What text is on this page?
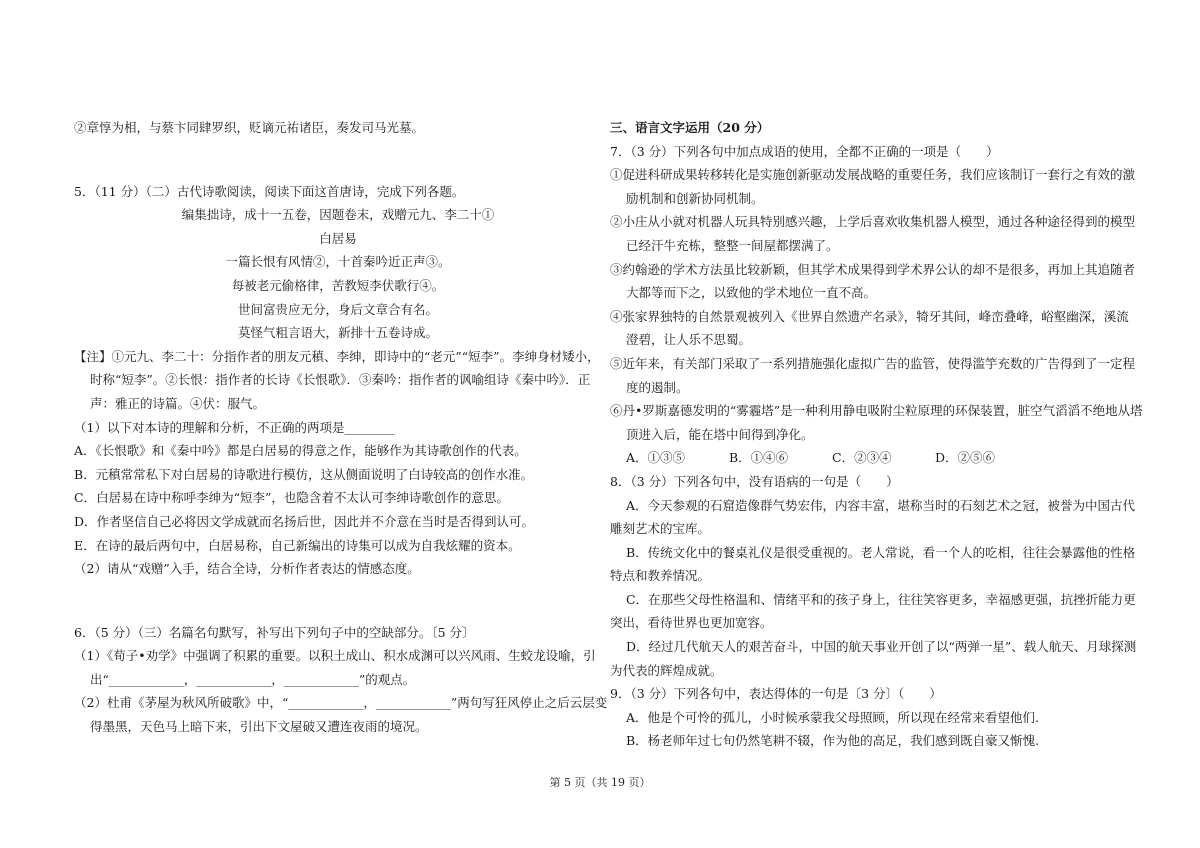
②章惇为相，与蔡卞同肆罗织，贬谪元祐诸臣，奏发司马光墓。
5．（11 分）（二）古代诗歌阅读，阅读下面这首唐诗，完成下列各题。
编集拙诗，成十一五卷，因题卷末，戏赠元九、李二十①
白居易
一篇长恨有风情②，十首秦吟近正声③。
每被老元偷格律，苦教短李伏歌行④。
世间富贵应无分，身后文章合有名。
莫怪气粗言语大，新排十五卷诗成。
【注】①元九、李二十：分指作者的朋友元稹、李绅，即诗中的“老元”“短李”。李绅身材矮小，
时称“短李”。②长恨：指作者的长诗《长恨歌》．③秦吟：指作者的讽喻组诗《秦中吟》．正
声：雅正的诗篇。④伏：服气。
（1）以下对本诗的理解和分析，不正确的两项是________
A．《长恨歌》和《秦中吟》都是白居易的得意之作，能够作为其诗歌创作的代表。
B．元稹常常私下对白居易的诗歌进行模仿，这从侧面说明了白诗较高的创作水准。
C．白居易在诗中称呼李绅为“短李”，也隐含着不太认可李绅诗歌创作的意思。
D．作者坚信自己必将因文学成就而名扬后世，因此并不介意在当时是否得到认可。
E．在诗的最后两句中，白居易称，自己新编出的诗集可以成为自我炫耀的资本。
（2）请从“戏赠”入手，结合全诗，分析作者表达的情感态度。
6．（5 分）（三）名篇名句默写，补写出下列句子中的空缺部分。〔5 分〕
（1）《荀子•劝学》中强调了积累的重要。以积土成山、积水成渊可以兴风雨、生蛟龙设喻，引
出“____________，____________，____________”的观点。
（2）杜甫《茅屋为秋风所破歌》中，“____________，____________”两句写狂风停止之后云层变
得墨黑，天色马上暗下来，引出下文屋破又遭连夜雨的境况。
三、语言文字运用（20 分）
7．（3 分）下列各句中加点成语的使用，全都不正确的一项是（　　）
①促进科研成果转移转化是实施创新驱动发展战略的重要任务，我们应该制订一套行之有效的激
励机制和创新协同机制。
②小庄从小就对机器人玩具特别感兴趣，上学后喜欢收集机器人模型，通过各种途径得到的模型
已经汗牛充栋，整整一间屋都摆满了。
③约翰逊的学术方法虽比较新颖，但其学术成果得到学术界公认的却不是很多，再加上其追随者
大都等而下之，以致他的学术地位一直不高。
④张家界独特的自然景观被列入《世界自然遗产名录》，犄牙其间，峰峦叠峰，峪壑幽深，溪流
澄碧，让人乐不思蜀。
⑤近年来，有关部门采取了一系列措施强化虚拟广告的监管，使得滥竽充数的广告得到了一定程
度的遏制。
⑥丹•罗斯嘉德发明的“雾霾塔”是一种利用静电吸附尘粒原理的环保装置，脏空气滔滔不绝地从塔
顶进入后，能在塔中间得到净化。
A．①③⑤	B．①④⑥	C．②③④	D．②⑤⑥
8．（3 分）下列各句中，没有语病的一句是（　　）
A．今天参观的石窟造像群气势宏伟，内容丰富，堪称当时的石刻艺术之冠，被誉为中国古代
雕刻艺术的宝库。
B．传统文化中的餐桌礼仪是很受重视的。老人常说，看一个人的吃相，往往会暴露他的性格
特点和教养情况。
C．在那些父母性格温和、情绪平和的孩子身上，往往笑容更多，幸福感更强，抗挫折能力更
突出，看待世界也更加宽容。
D．经过几代航天人的艰苦奋斗，中国的航天事业开创了以“两弹一星”、载人航天、月球探测
为代表的辉煌成就。
9．（3 分）下列各句中，表达得体的一句是〔3 分〕（　　）
A．他是个可怜的孤儿，小时候承蒙我父母照顾，所以现在经常来看望他们.
B．杨老师年过七旬仍然笔耕不辍，作为他的高足，我们感到既自豪又惭愧.
第 5 页（共 19 页）
